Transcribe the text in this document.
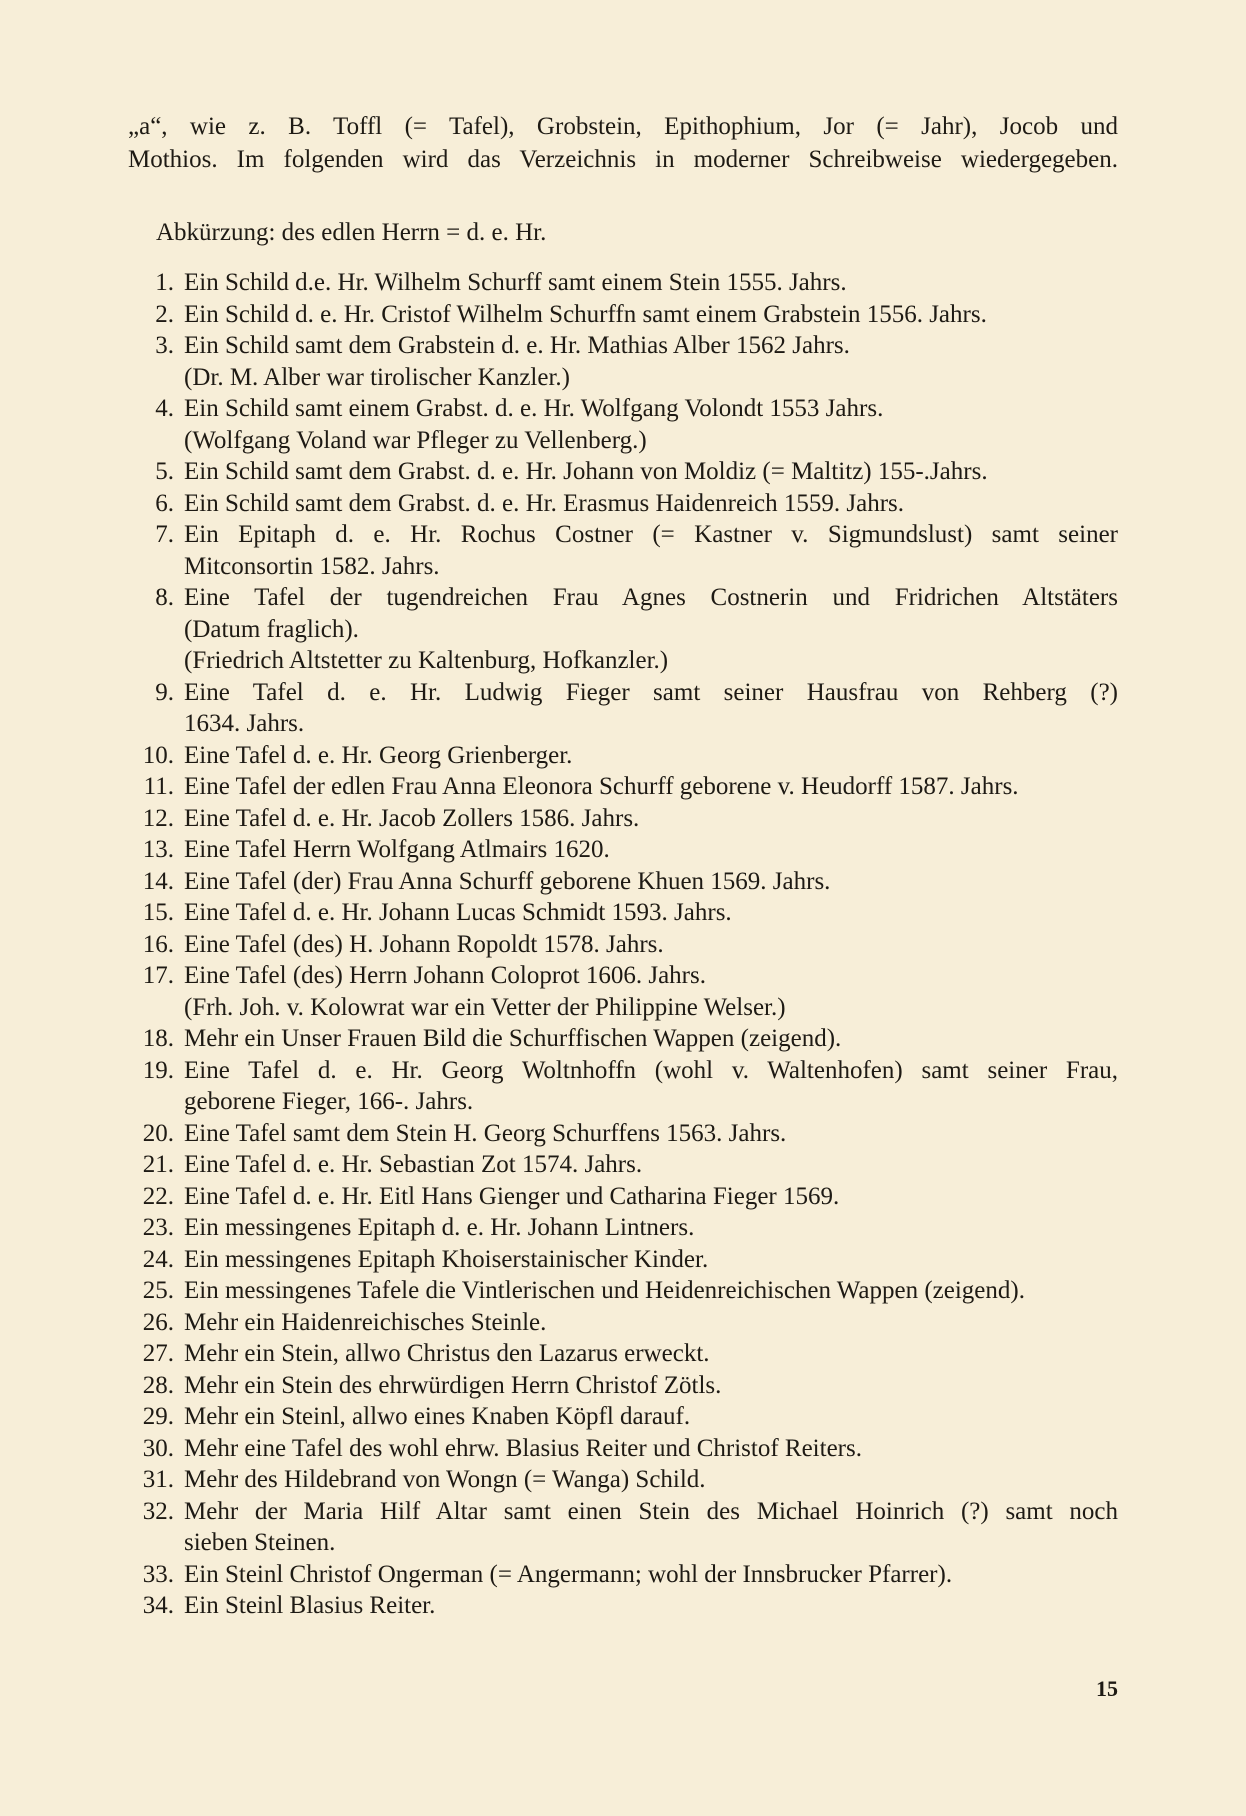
„a“, wie z. B. Toffl (= Tafel), Grobstein, Epithophium, Jor (= Jahr), Jocob und

Mothios. Im folgenden wird das Verzeichnis in moderner Schreibweise wiedergegeben.

Abkürzung: des edlen Herrn = d. e. Hr.
1. Ein Schild d.e. Hr. Wilhelm Schurff samt einem Stein 1555. Jahrs.
2. Ein Schild d. e. Hr. Cristof Wilhelm Schurffn samt einem Grabstein 1556. Jahrs.
3. Ein Schild samt dem Grabstein d. e. Hr. Mathias Alber 1562 Jahrs.
(Dr. M. Alber war tirolischer Kanzler.)
4. Ein Schild samt einem Grabst. d. e. Hr. Wolfgang Volondt 1553 Jahrs.
(Wolfgang Voland war Pfleger zu Vellenberg.)
5. Ein Schild samt dem Grabst. d. e. Hr. Johann von Moldiz (= Maltitz) 155-.Jahrs.
6. Ein Schild samt dem Grabst. d. e. Hr. Erasmus Haidenreich 1559. Jahrs.
7. Ein Epitaph d. e. Hr. Rochus Costner (= Kastner v. Sigmundslust) samt seiner
Mitconsortin 1582. Jahrs.
8. Eine Tafel der tugendreichen Frau Agnes Costnerin und Fridrichen Altstäters
(Datum fraglich).
(Friedrich Altstetter zu Kaltenburg, Hofkanzler.)
9. Eine Tafel d. e. Hr. Ludwig Fieger samt seiner Hausfrau von Rehberg (?)
1634. Jahrs.
10. Eine Tafel d. e. Hr. Georg Grienberger.
11. Eine Tafel der edlen Frau Anna Eleonora Schurff geborene v. Heudorff 1587. Jahrs.
12. Eine Tafel d. e. Hr. Jacob Zollers 1586. Jahrs.
13. Eine Tafel Herrn Wolfgang Atlmairs 1620.
14. Eine Tafel (der) Frau Anna Schurff geborene Khuen 1569. Jahrs.
15. Eine Tafel d. e. Hr. Johann Lucas Schmidt 1593. Jahrs.
16. Eine Tafel (des) H. Johann Ropoldt 1578. Jahrs.
17. Eine Tafel (des) Herrn Johann Coloprot 1606. Jahrs.
(Frh. Joh. v. Kolowrat war ein Vetter der Philippine Welser.)
18. Mehr ein Unser Frauen Bild die Schurffischen Wappen (zeigend).
19. Eine Tafel d. e. Hr. Georg Woltnhoffn (wohl v. Waltenhofen) samt seiner Frau,
geborene Fieger, 166-. Jahrs.
20. Eine Tafel samt dem Stein H. Georg Schurffens 1563. Jahrs.
21. Eine Tafel d. e. Hr. Sebastian Zot 1574. Jahrs.
22. Eine Tafel d. e. Hr. Eitl Hans Gienger und Catharina Fieger 1569.
23. Ein messingenes Epitaph d. e. Hr. Johann Lintners.
24. Ein messingenes Epitaph Khoiserstainischer Kinder.
25. Ein messingenes Tafele die Vintlerischen und Heidenreichischen Wappen (zeigend).
26. Mehr ein Haidenreichisches Steinle.
27. Mehr ein Stein, allwo Christus den Lazarus erweckt.
28. Mehr ein Stein des ehrwürdigen Herrn Christof Zötls.
29. Mehr ein Steinl, allwo eines Knaben Köpfl darauf.
30. Mehr eine Tafel des wohl ehrw. Blasius Reiter und Christof Reiters.
31. Mehr des Hildebrand von Wongn (= Wanga) Schild.
32. Mehr der Maria Hilf Altar samt einen Stein des Michael Hoinrich (?) samt noch
sieben Steinen.
33. Ein Steinl Christof Ongerman (= Angermann; wohl der Innsbrucker Pfarrer).
34. Ein Steinl Blasius Reiter.
15
